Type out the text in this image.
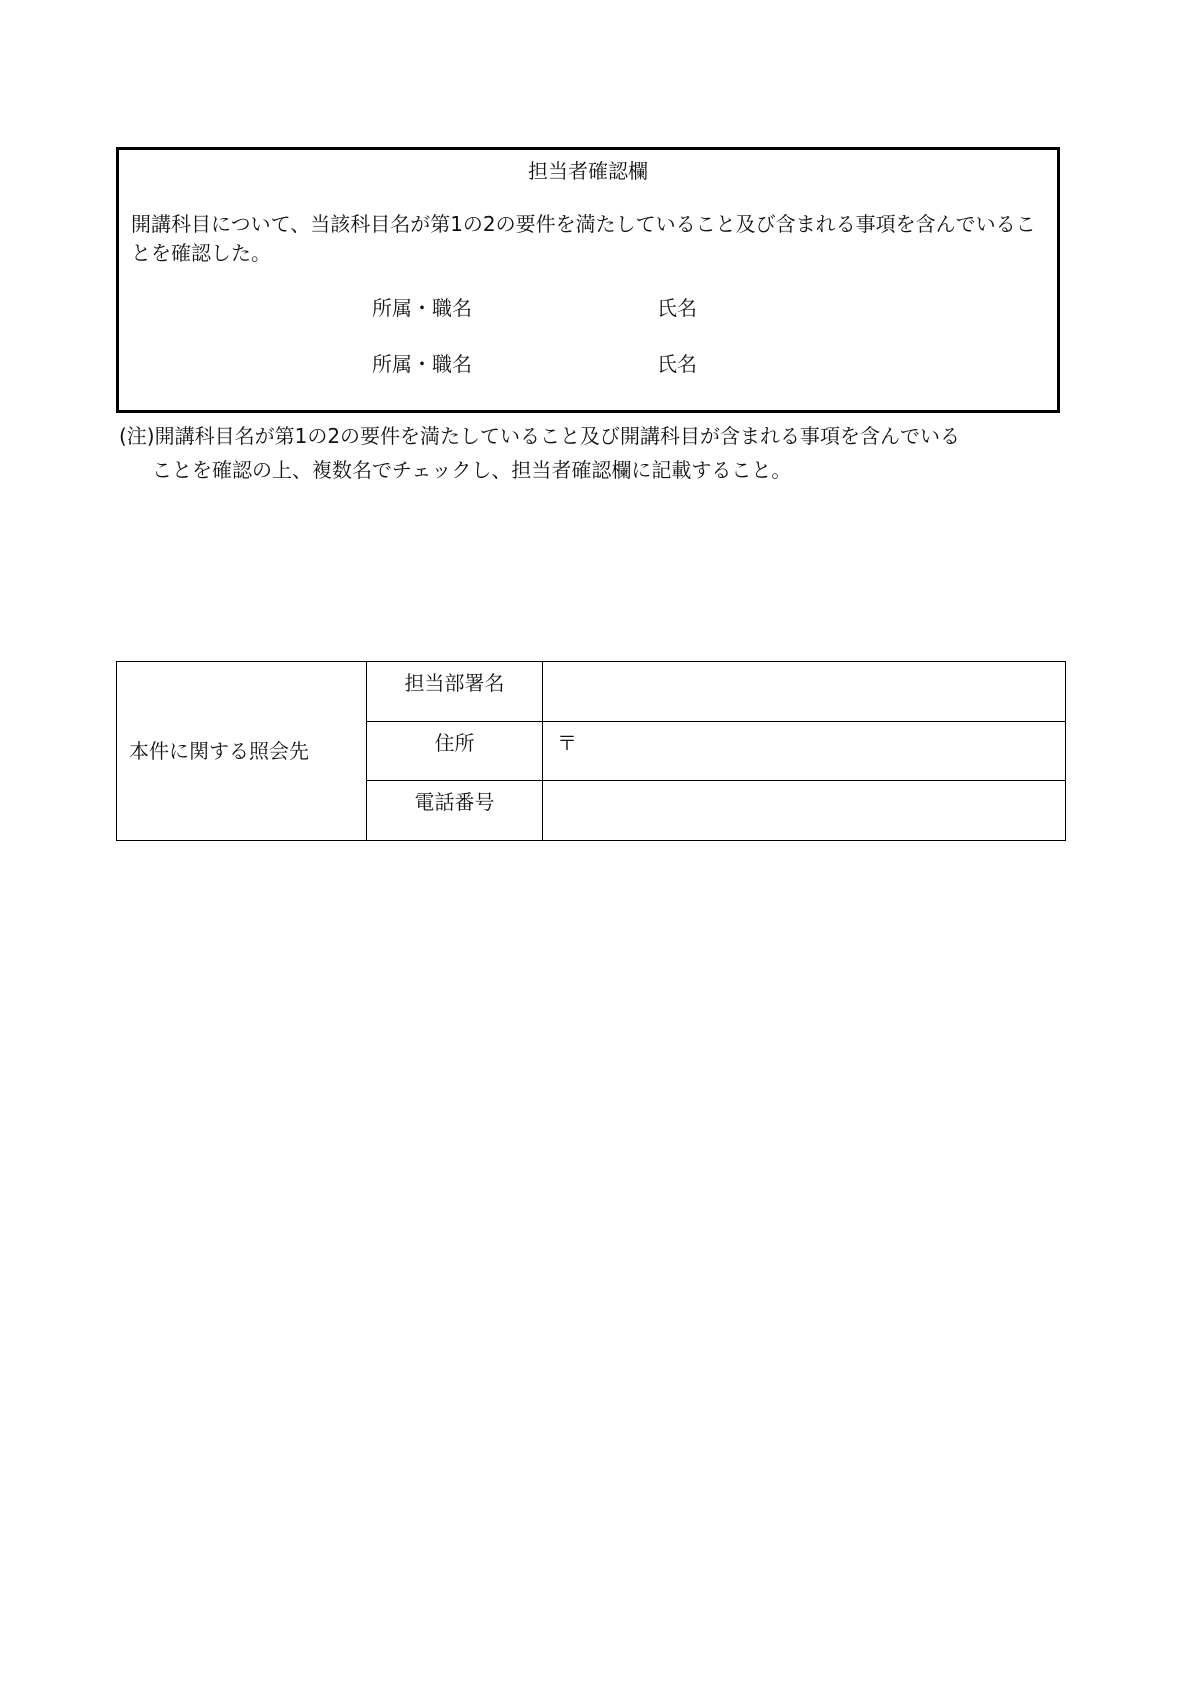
担当者確認欄
開講科目について、当該科目名が第1の2の要件を満たしていること及び含まれる事項を含んでいることを確認した。
所属・職名	氏名
所属・職名	氏名
(注)開講科目名が第1の2の要件を満たしていること及び開講科目が含まれる事項を含んでいる
ことを確認の上、複数名でチェックし、担当者確認欄に記載すること。
本件に関する照会先	担当部署名	
	住所	〒
	電話番号	
